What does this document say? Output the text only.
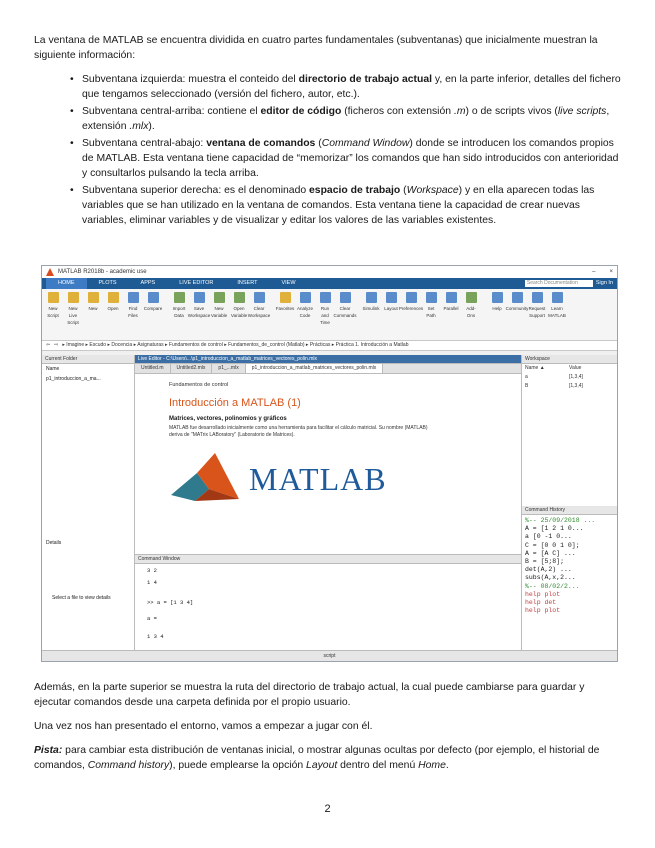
La ventana de MATLAB se encuentra dividida en cuatro partes fundamentales (subventanas) que inicialmente muestran la siguiente información:

• Subventana izquierda: muestra el conteido del directorio de trabajo actual y, en la parte inferior, detalles del fichero que tengamos seleccionado (versión del fichero, autor, etc.).
• Subventana central-arriba: contiene el editor de código (ficheros con extensión .m) o de scripts vivos (live scripts, extensión .mlx).
• Subventana central-abajo: ventana de comandos (Command Window) donde se introducen los comandos propios de MATLAB. Esta ventana tiene capacidad de “memorizar” los comandos que han sido introducidos con anterioridad y consultarlos pulsando la tecla arriba.
• Subventana superior derecha: es el denominado espacio de trabajo (Workspace) y en ella aparecen todas las variables que se han utilizado en la ventana de comandos. Esta ventana tiene la capacidad de crear nuevas variables, eliminar variables y de visualizar y editar los valores de las variables existentes.
MATLAB R2018b - academic use	– ×
HOME	PLOTS	APPS	LIVE EDITOR	INSERT	VIEW	Search Documentation	Sign In
New Script
New Live Script
New Open	Find Files
Compare Import Data
Save Workspace
New Variable
Open Variable
Clear Workspace
Favorites Analyze Code
Run and Time
Clear Commands
Simulink Layout Preferences Set Path
Parallel	Add-Ons
Help Community Request Support
Learn MATLAB
⇦ ⇨ ▸ Imagine ▸ Escudo ▸ Docencia ▸ Asignaturas ▸ Fundamentos de control ▸ Fundamentos_de_control (Matlab) ▸ Prácticas ▸ Práctica 1. Introducción a Matlab
Current Folder
Name
p1_introduccion_a_ma...
Details
Select a file to view details
Live Editor - C:\Users\...\p1_introduccion_a_matlab_matrices_vectores_polin.mlx
Untitled.m	Untitled2.mlx	p1_...mlx	p1_introduccion_a_matlab_matrices_vectores_polin.mlx
Fundamentos de control
Introducción a MATLAB (1)
Matrices, vectores, polinomios y gráficos
MATLAB fue desarrollado inicialmente como una herramienta para facilitar el cálculo matricial. Su nombre (MATLAB) deriva de "MATrix LABoratory" (Laboratorio de Matrices).
MATLAB
Command Window
3 2
1 4
>> a = [1 3 4]
a =
1 3 4
Workspace
Name ▲	Value
a	[1,3,4]
B	[1,3,4]
Command History
%-- 25/09/2018 ...
A = [1 2 1 0...
a [0 -1 0...
C = [0 0 1 0];
A = [A C] ...
B = [5;8];
det(A,2) ...
subs(A,x,2...
%-- 08/02/2...
help plot
help det
help plot
script

Además, en la parte superior se muestra la ruta del directorio de trabajo actual, la cual puede cambiarse para guardar y ejecutar comandos desde una carpeta definida por el propio usuario.

Una vez nos han presentado el entorno, vamos a empezar a jugar con él.

Pista: para cambiar esta distribución de ventanas inicial, o mostrar algunas ocultas por defecto (por ejemplo, el historial de comandos, Command history), puede emplearse la opción Layout dentro del menú Home.

2
